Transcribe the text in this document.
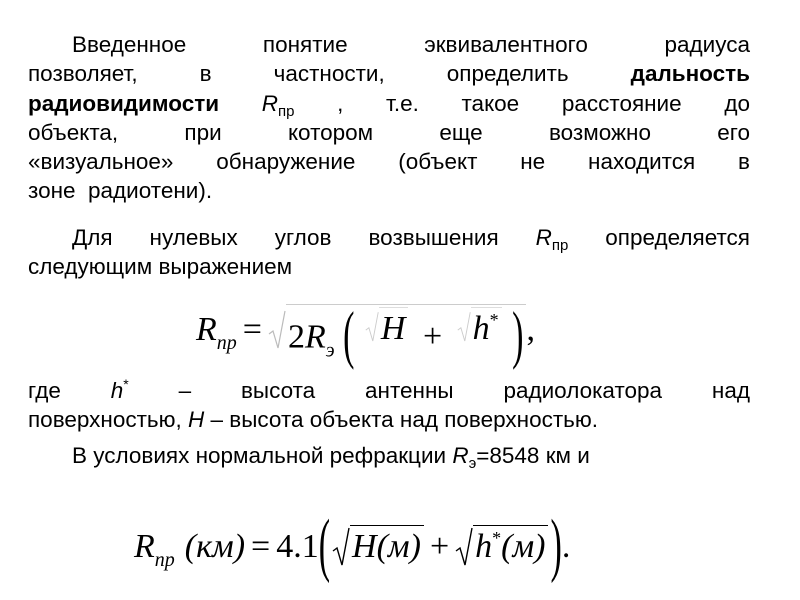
Введенное	понятие	эквивалентного	радиуса
позволяет,	в	частности,	определить	дальность
радиовидимости $R_{пр}$ , т.е. такое расстояние до
объекта,	при	котором	еще	возможно	его
«визуальное» обнаружение (объект не находится в
зоне  радиотени).
Для нулевых углов возвышения $R_{пр}$ определяется
следующим выражением
$R_{пр} = 2R_э$ ( H + h* ) ,
где h* – высота антенны радиолокатора над
поверхностью, H – высота объекта над поверхностью.
В условиях нормальной рефракции $R_э=8548$ км и
$R_{пр}$ (км) = 4.1 ( H(м) + h*(м) ) .
